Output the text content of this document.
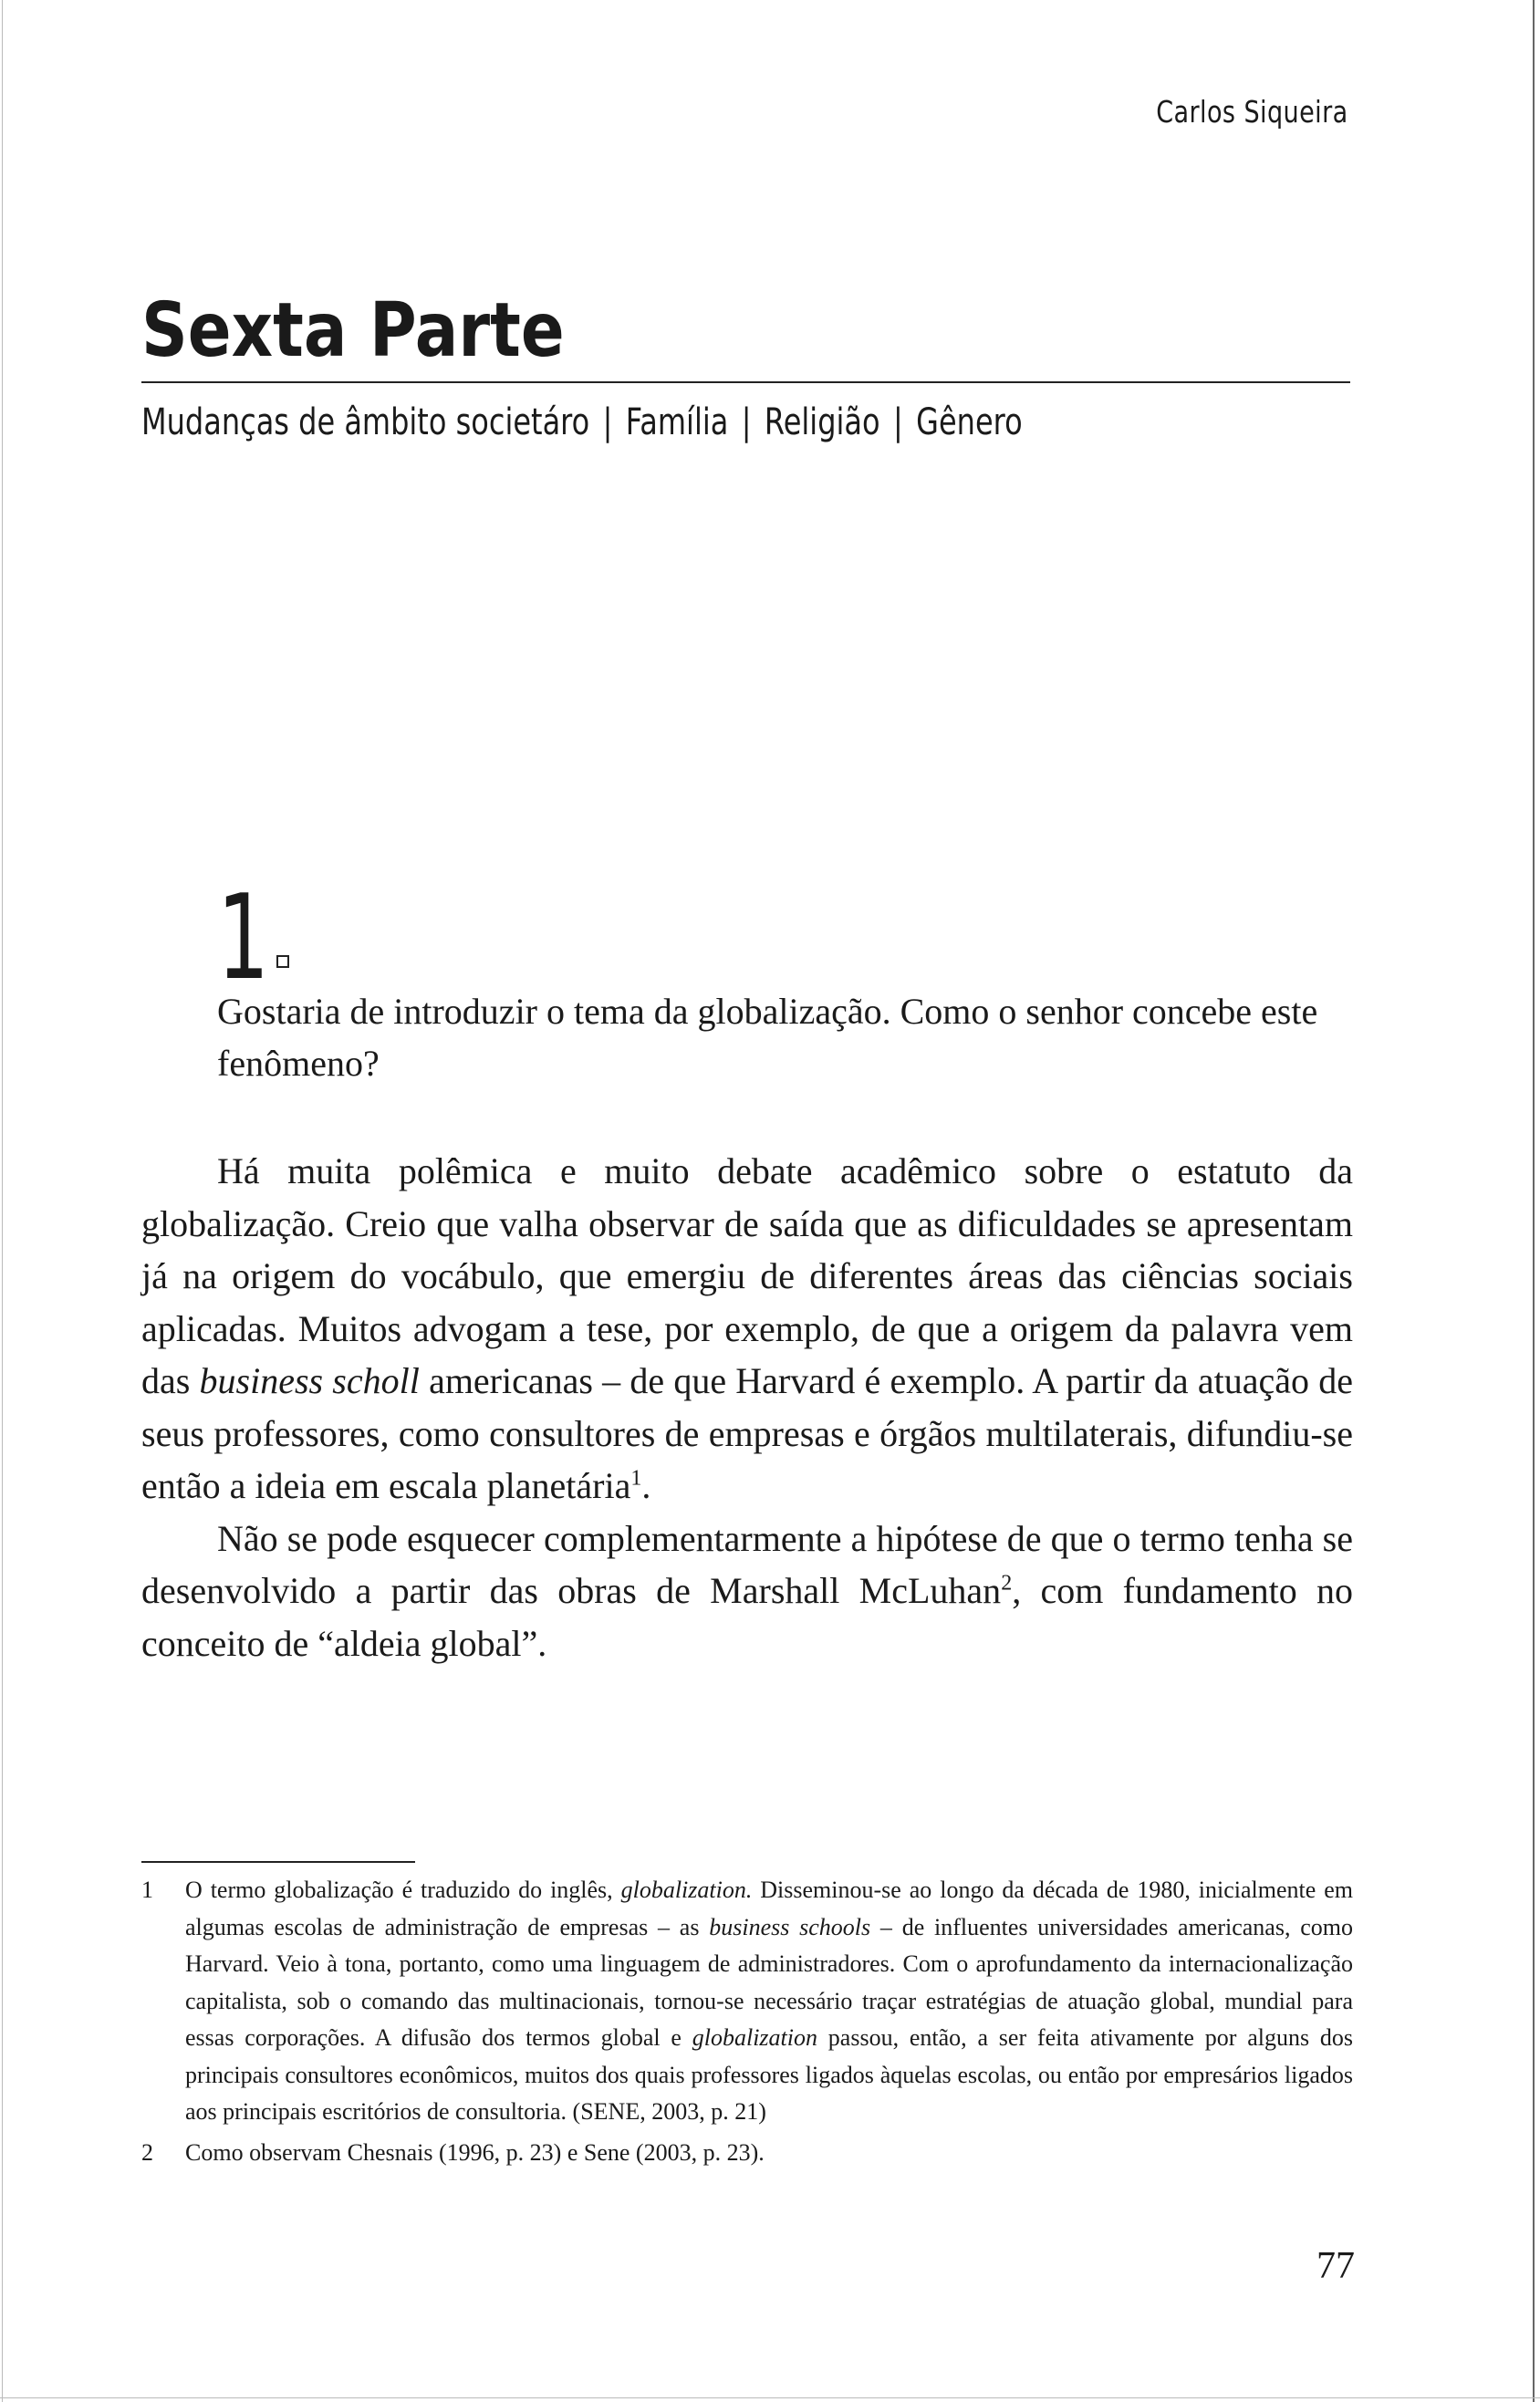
Carlos Siqueira
Sexta Parte
Mudanças de âmbito societáro | Família | Religião | Gênero
1
Gostaria de introduzir o tema da globalização. Como o senhor concebe este fenômeno?

Há muita polêmica e muito debate acadêmico sobre o estatuto da globalização. Creio que valha observar de saída que as dificuldades se apresentam já na origem do vocábulo, que emergiu de diferentes áreas das ciências sociais aplicadas. Muitos advogam a tese, por exemplo, de que a origem da palavra vem das business scholl americanas – de que Harvard é exemplo. A partir da atuação de seus professores, como consultores de empresas e órgãos multilaterais, difundiu-se então a ideia em escala planetária$^1$.

Não se pode esquecer complementarmente a hipótese de que o termo tenha se desenvolvido a partir das obras de Marshall McLuhan$^2$, com fundamento no conceito de “aldeia global”.

1	O termo globalização é traduzido do inglês, globalization. Disseminou-se ao longo da década de 1980, inicialmente em algumas escolas de administração de empresas – as business schools – de influentes universidades americanas, como Harvard. Veio à tona, portanto, como uma linguagem de administradores. Com o aprofundamento da internacionalização capitalista, sob o comando das multinacionais, tornou-se necessário traçar estratégias de atuação global, mundial para essas corporações. A difusão dos termos global e globalization passou, então, a ser feita ativamente por alguns dos principais consultores econômicos, muitos dos quais professores ligados àquelas escolas, ou então por empresários ligados aos principais escritórios de consultoria. (SENE, 2003, p. 21)
2	Como observam Chesnais (1996, p. 23) e Sene (2003, p. 23).
77
